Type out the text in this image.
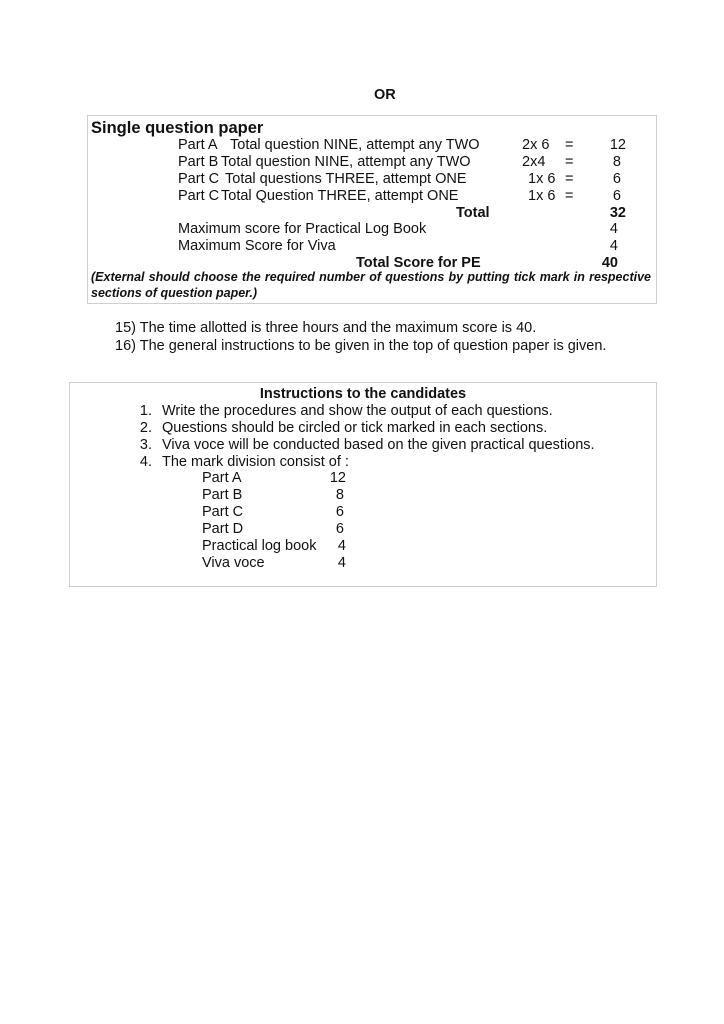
OR
Single question paper
Part A Total question NINE, attempt any TWO	2x 6 =	12
Part B Total question NINE, attempt any TWO	2x4 =	8
Part C Total questions THREE, attempt ONE	1x 6 =	6
Part C Total Question THREE, attempt ONE	1x 6 =	6
Total	32
Maximum score for Practical Log Book	4
Maximum Score for Viva	4
Total Score for PE	40
(External should choose the required number of questions by putting tick mark in respective sections of question paper.)
15) The time allotted is three hours and the maximum score is 40.
16) The general instructions to be given in the top of question paper is given.
Instructions to the candidates
1. Write the procedures and show the output of each questions.
2. Questions should be circled or tick marked in each sections.
3. Viva voce will be conducted based on the given practical questions.
4. The mark division consist of :
Part A	12
Part B	8
Part C	6
Part D	6
Practical log book	4
Viva voce	4
